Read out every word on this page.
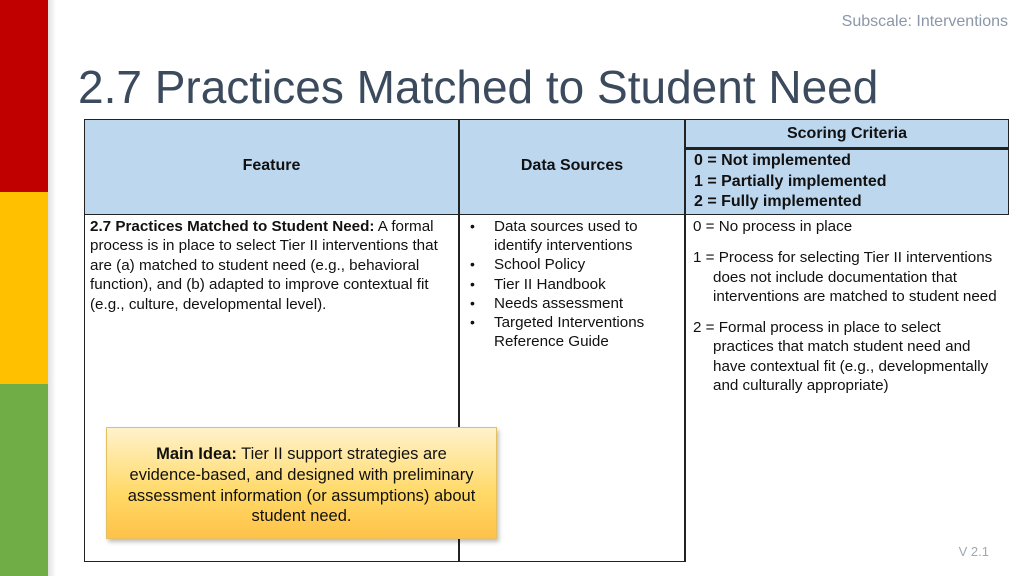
Subscale: Interventions
2.7 Practices Matched to Student Need
Feature	Data Sources
Scoring Criteria
0 = Not implemented
1 = Partially implemented
2 = Fully implemented
2.7 Practices Matched to Student Need: A formal process is in place to select Tier II interventions that are (a) matched to student need (e.g., behavioral function), and (b) adapted to improve contextual fit (e.g., culture, developmental level).
• Data sources used to identify interventions
• School Policy
• Tier II Handbook
• Needs assessment
• Targeted Interventions Reference Guide
0 = No process in place
1 = Process for selecting Tier II interventions does not include documentation that interventions are matched to student need
2 = Formal process in place to select practices that match student need and have contextual fit (e.g., developmentally and culturally appropriate)
Main Idea: Tier II support strategies are evidence-based, and designed with preliminary assessment information (or assumptions) about student need.
V 2.1
